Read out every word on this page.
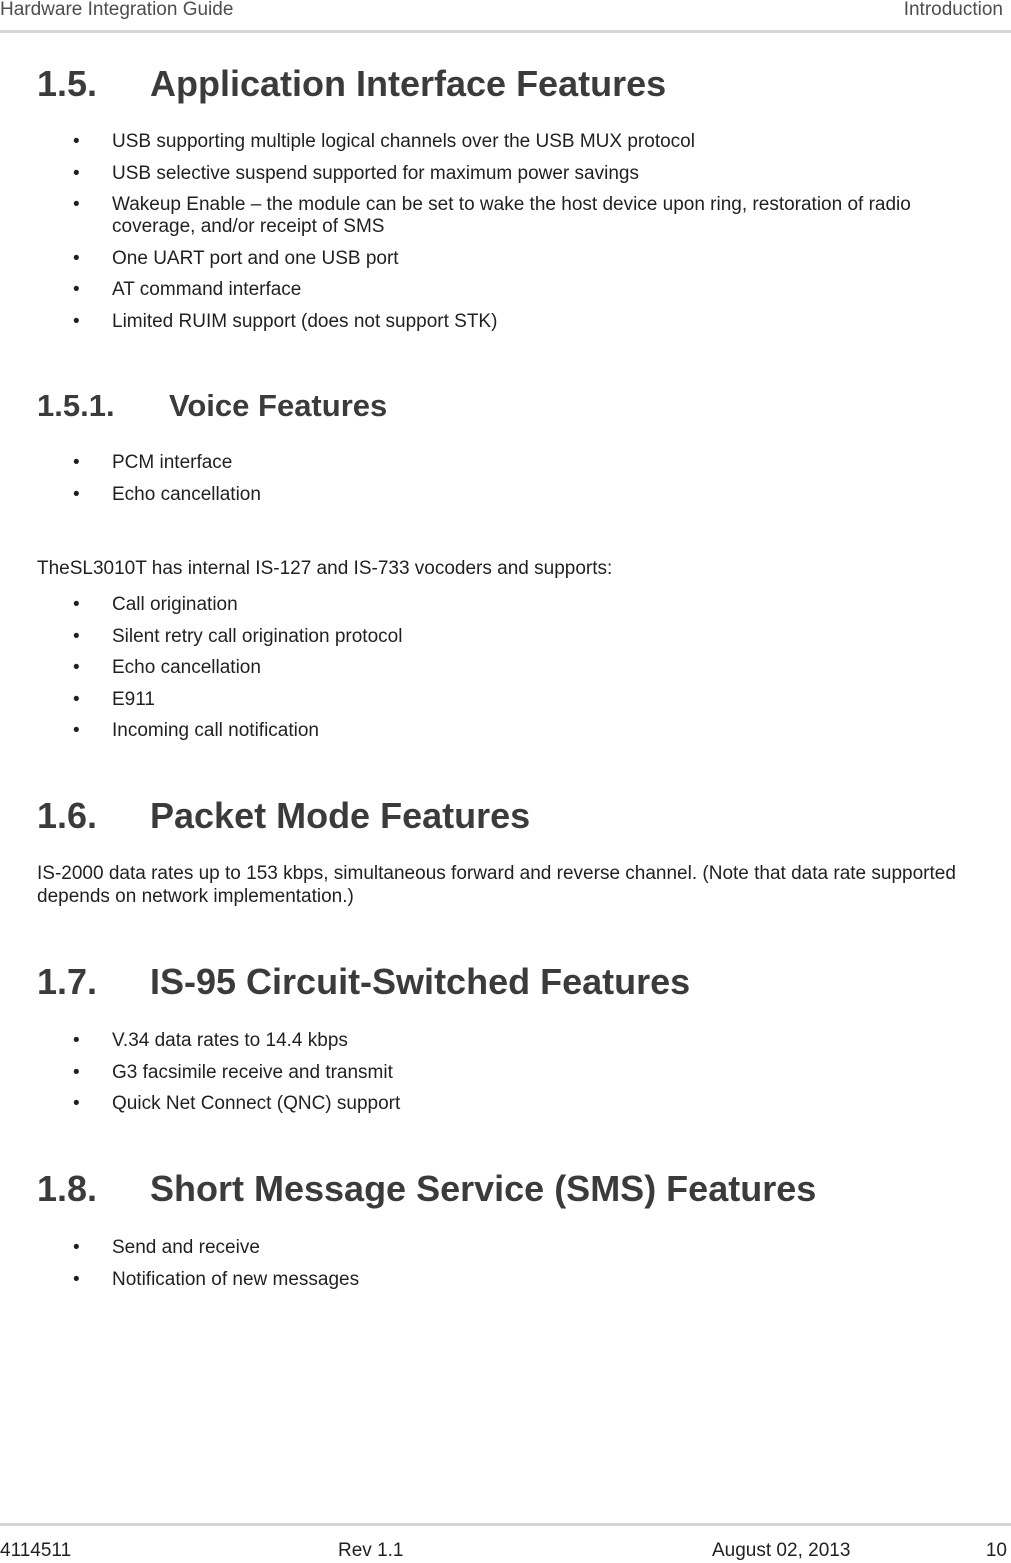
Hardware Integration Guide	Introduction
1.5. Application Interface Features
• USB supporting multiple logical channels over the USB MUX protocol
• USB selective suspend supported for maximum power savings
• Wakeup Enable – the module can be set to wake the host device upon ring, restoration of radio coverage, and/or receipt of SMS
• One UART port and one USB port
• AT command interface
• Limited RUIM support (does not support STK)
1.5.1. Voice Features
• PCM interface
• Echo cancellation

TheSL3010T has internal IS-127 and IS-733 vocoders and supports:

• Call origination
• Silent retry call origination protocol
• Echo cancellation
• E911
• Incoming call notification
1.6. Packet Mode Features

IS-2000 data rates up to 153 kbps, simultaneous forward and reverse channel. (Note that data rate supported depends on network implementation.)

1.7. IS-95 Circuit-Switched Features
• V.34 data rates to 14.4 kbps
• G3 facsimile receive and transmit
• Quick Net Connect (QNC) support
1.8. Short Message Service (SMS) Features
• Send and receive
• Notification of new messages
4114511	Rev 1.1	August 02, 2013	10
